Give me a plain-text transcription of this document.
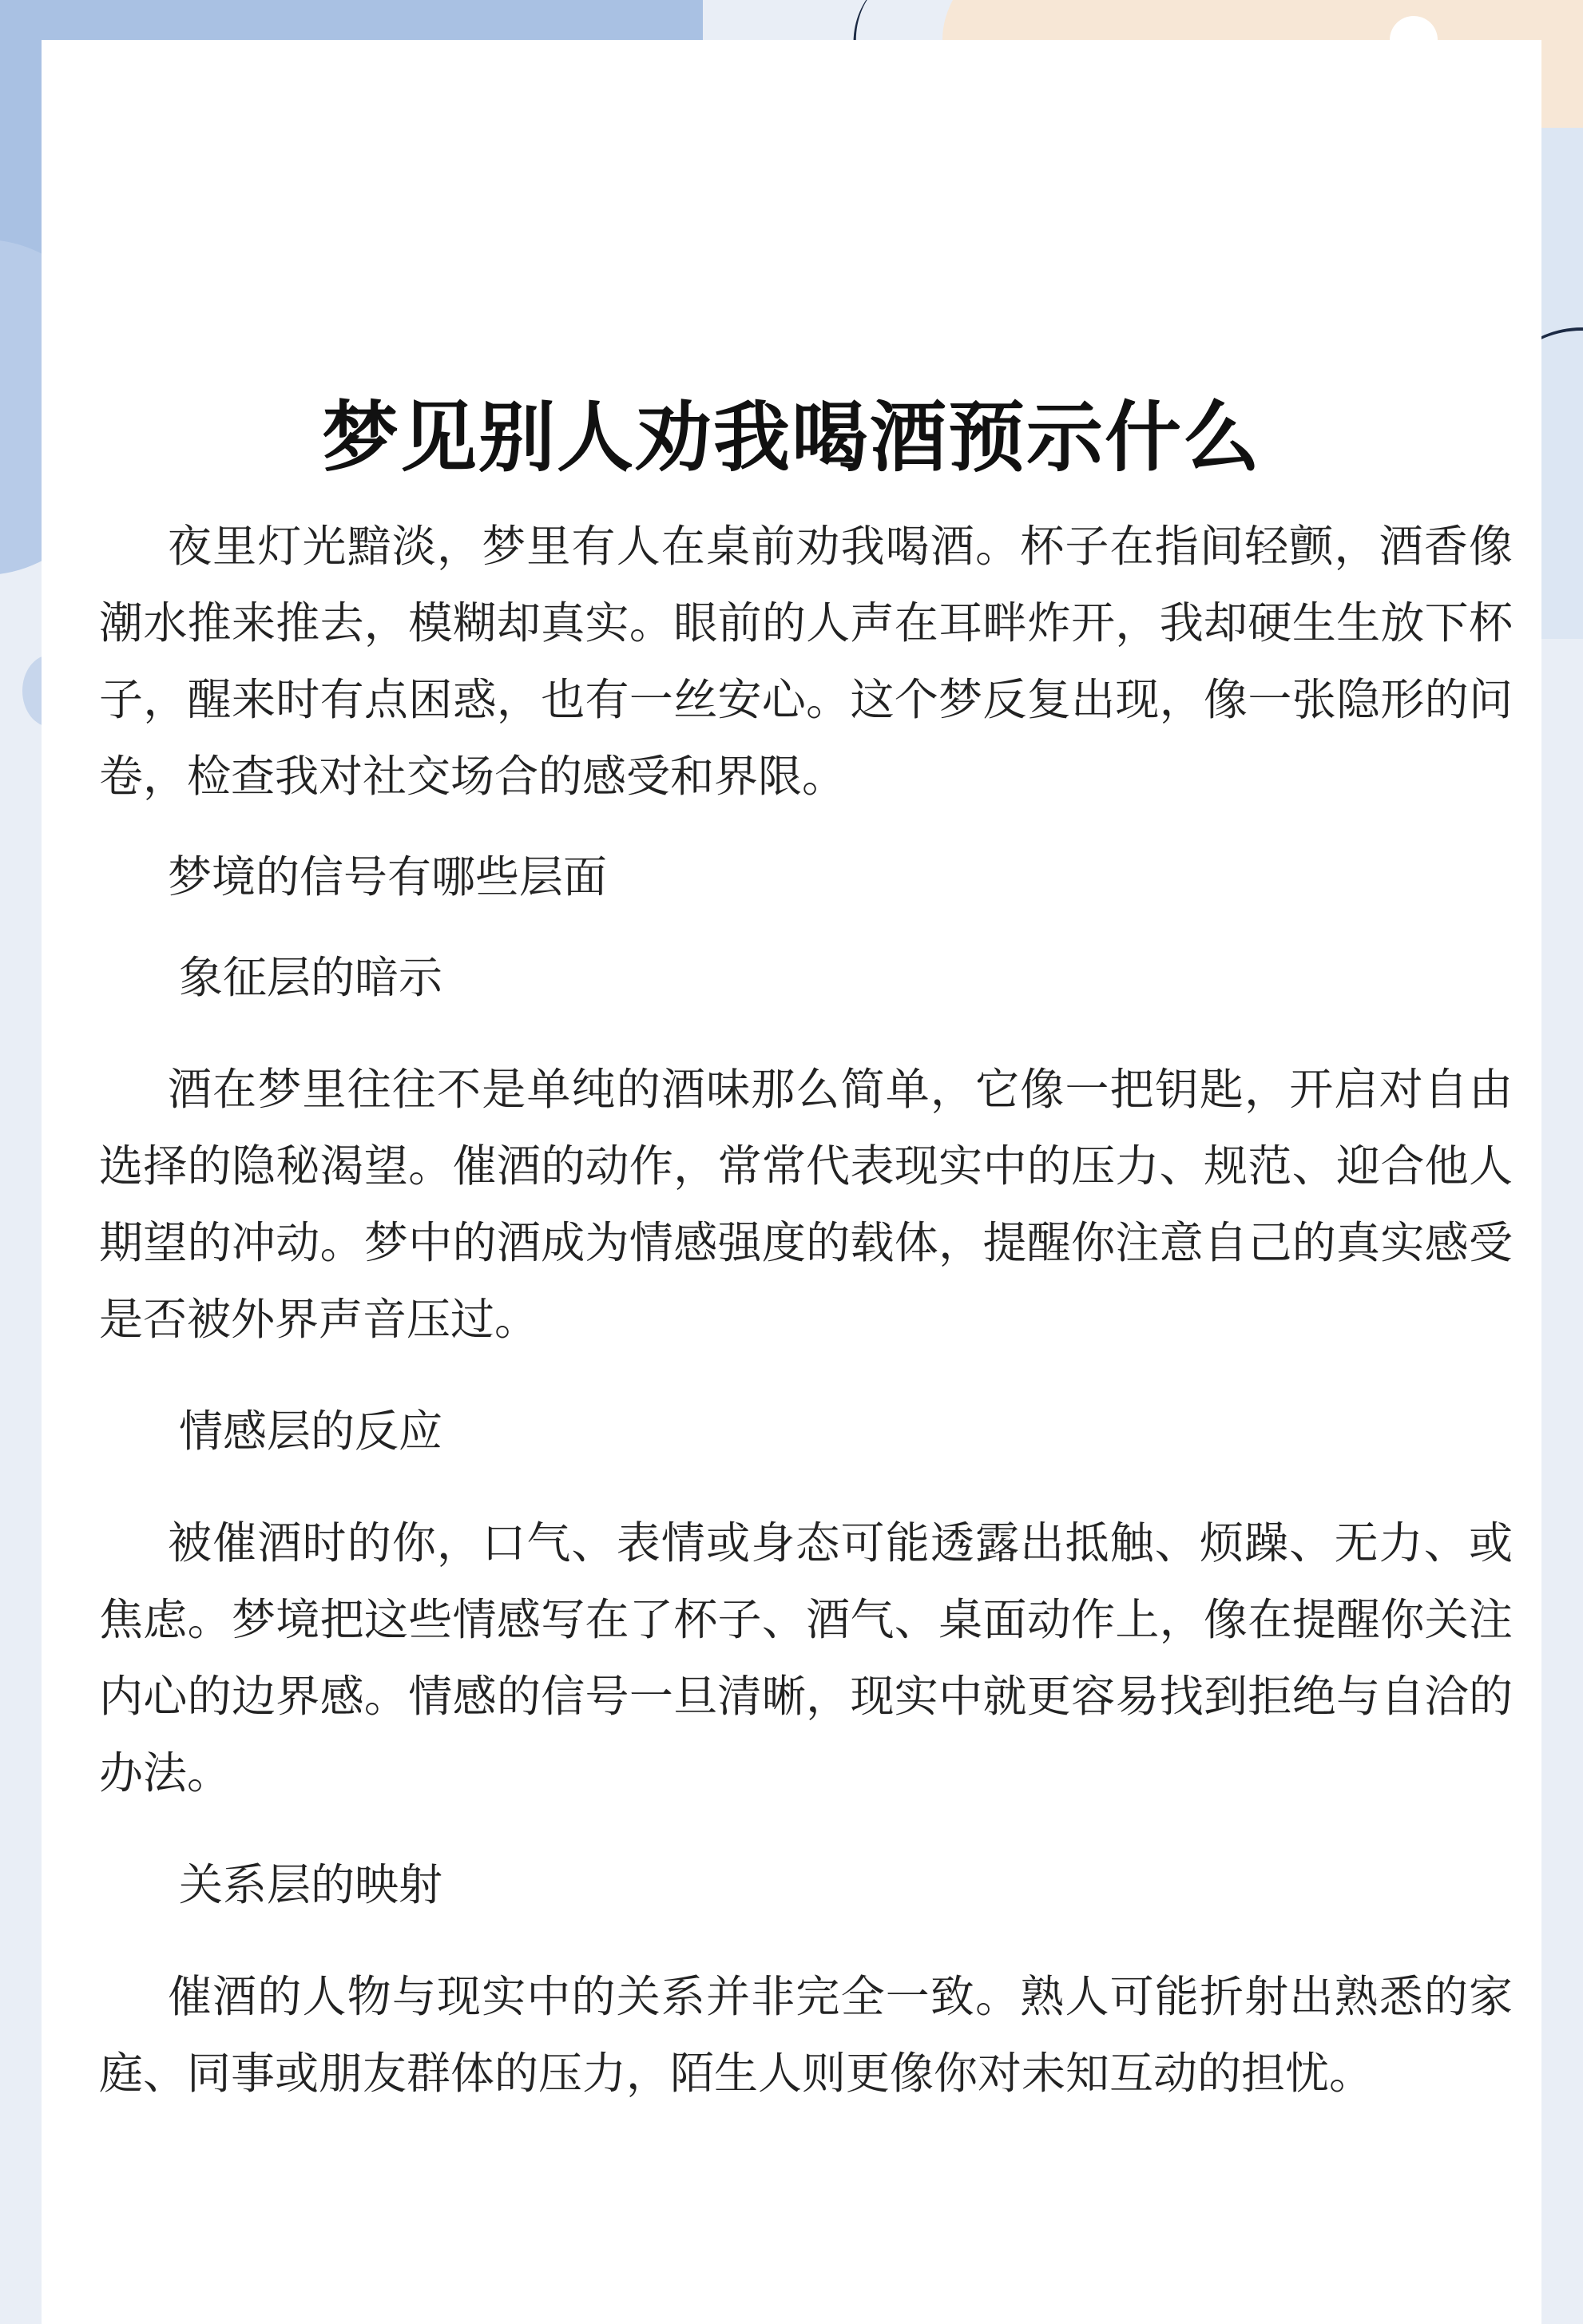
梦见别人劝我喝酒预示什么

夜里灯光黯淡，梦里有人在桌前劝我喝酒。杯子在指间轻颤，酒香像潮水推来推去，模糊却真实。眼前的人声在耳畔炸开，我却硬生生放下杯子，醒来时有点困惑，也有一丝安心。这个梦反复出现，像一张隐形的问卷，检查我对社交场合的感受和界限。

梦境的信号有哪些层面

象征层的暗示

酒在梦里往往不是单纯的酒味那么简单，它像一把钥匙，开启对自由选择的隐秘渴望。催酒的动作，常常代表现实中的压力、规范、迎合他人期望的冲动。梦中的酒成为情感强度的载体，提醒你注意自己的真实感受是否被外界声音压过。

情感层的反应

被催酒时的你，口气、表情或身态可能透露出抵触、烦躁、无力、或焦虑。梦境把这些情感写在了杯子、酒气、桌面动作上，像在提醒你关注内心的边界感。情感的信号一旦清晰，现实中就更容易找到拒绝与自洽的办法。

关系层的映射

催酒的人物与现实中的关系并非完全一致。熟人可能折射出熟悉的家庭、同事或朋友群体的压力，陌生人则更像你对未知互动的担忧。
